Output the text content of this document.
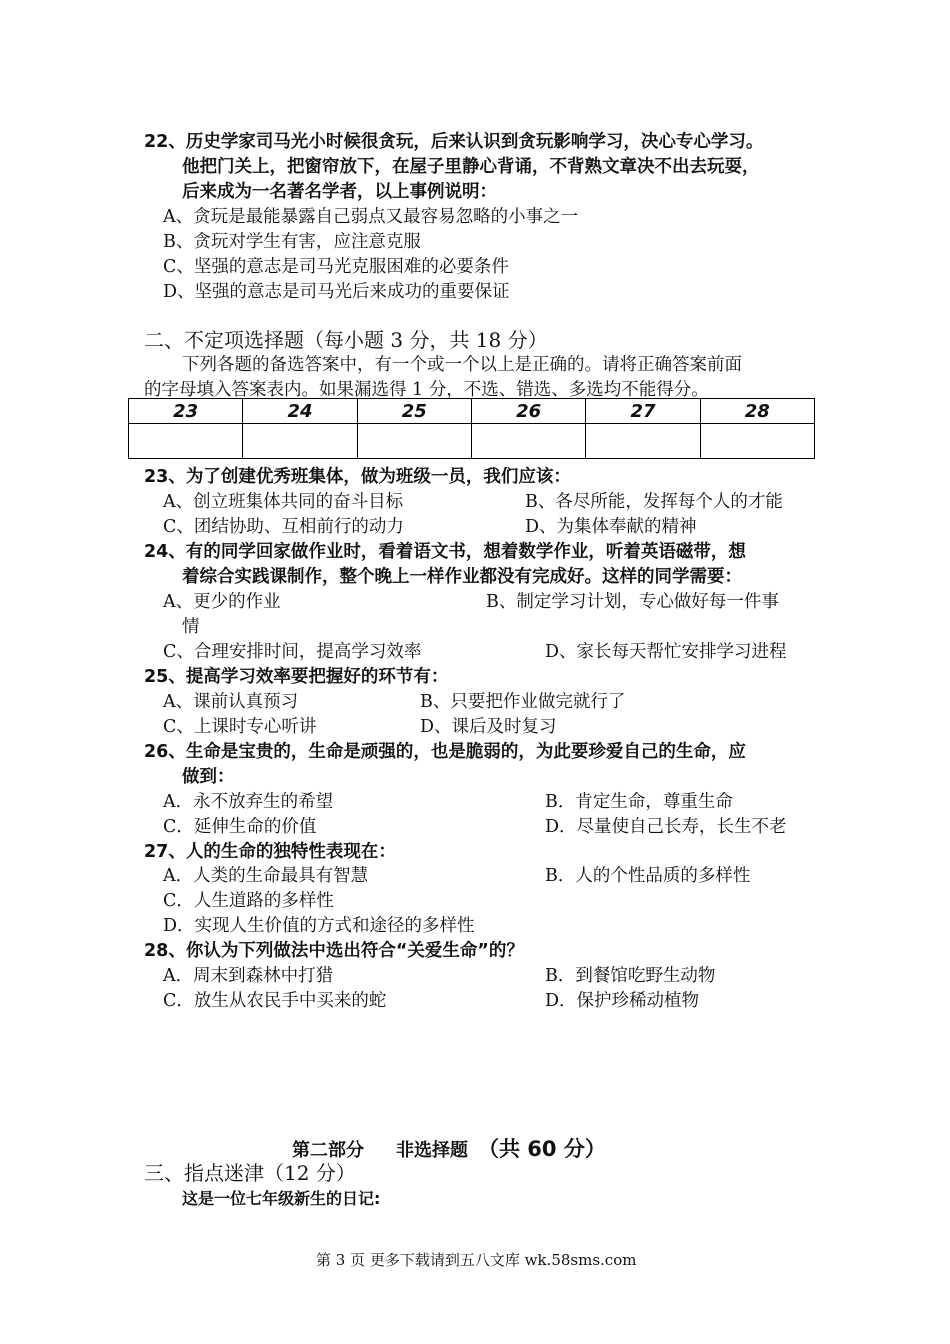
22、历史学家司马光小时候很贪玩，后来认识到贪玩影响学习，决心专心学习。
他把门关上，把窗帘放下，在屋子里静心背诵，不背熟文章决不出去玩耍，
后来成为一名著名学者，以上事例说明：
A、贪玩是最能暴露自己弱点又最容易忽略的小事之一
B、贪玩对学生有害，应注意克服
C、坚强的意志是司马光克服困难的必要条件
D、坚强的意志是司马光后来成功的重要保证
二、不定项选择题（每小题 3 分，共 18 分）
下列各题的备选答案中，有一个或一个以上是正确的。请将正确答案前面
的字母填入答案表内。如果漏选得 1 分，不选、错选、多选均不能得分。
23	24	25	26	27	28

23、为了创建优秀班集体，做为班级一员，我们应该：
A、创立班集体共同的奋斗目标	B、各尽所能，发挥每个人的才能
C、团结协助、互相前行的动力	D、为集体奉献的精神
24、有的同学回家做作业时，看着语文书，想着数学作业，听着英语磁带，想
着综合实践课制作，整个晚上一样作业都没有完成好。这样的同学需要：
A、更少的作业	B、制定学习计划，专心做好每一件事
情
C、合理安排时间，提高学习效率	D、家长每天帮忙安排学习进程
25、提高学习效率要把握好的环节有：
A、课前认真预习	B、只要把作业做完就行了
C、上课时专心听讲	D、课后及时复习
26、生命是宝贵的，生命是顽强的，也是脆弱的，为此要珍爱自己的生命，应
做到：
A．永不放弃生的希望	B．肯定生命，尊重生命
C．延伸生命的价值	D．尽量使自己长寿，长生不老
27、人的生命的独特性表现在：
A．人类的生命最具有智慧	B．人的个性品质的多样性
C．人生道路的多样性
D．实现人生价值的方式和途径的多样性
28、你认为下列做法中选出符合“关爱生命”的？
A．周末到森林中打猎	B．到餐馆吃野生动物
C．放生从农民手中买来的蛇	D．保护珍稀动植物
第二部分 非选择题 （共 60 分）
三、指点迷津（12 分）
这是一位七年级新生的日记:
第 3 页 更多下载请到五八文库 wk.58sms.com
